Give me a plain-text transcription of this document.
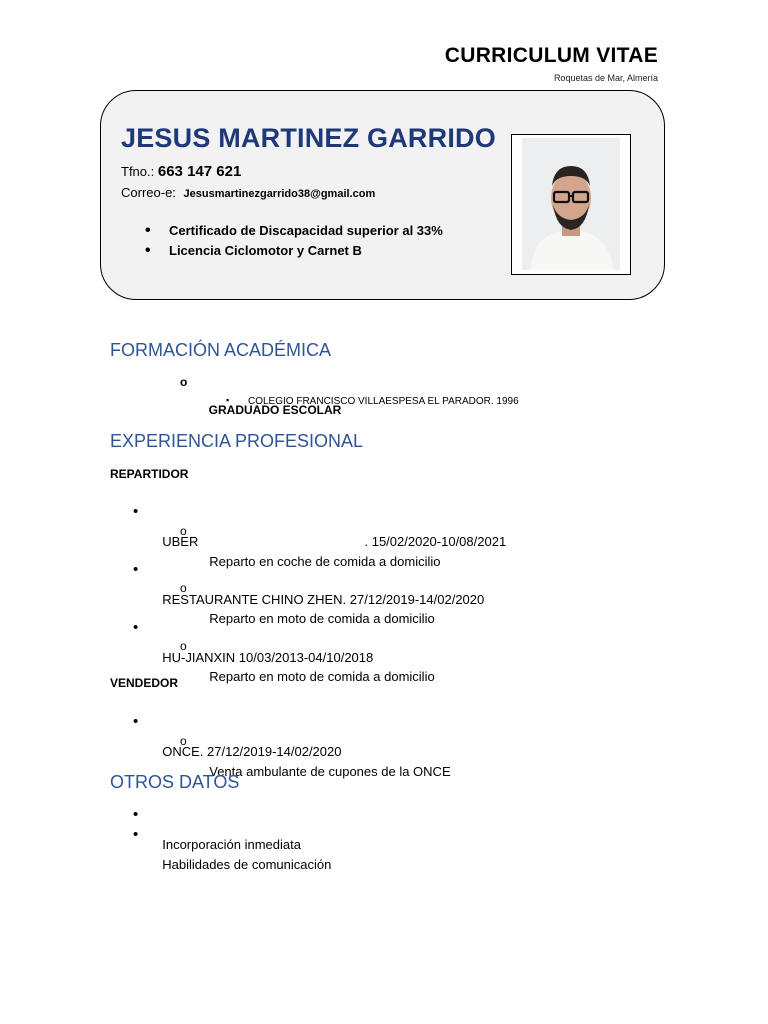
CURRICULUM VITAE
Roquetas de Mar, Almería
JESUS MARTINEZ GARRIDO
Tfno.: 663 147 621
Correo-e: Jesusmartinezgarrido38@gmail.com
• Certificado de Discapacidad superior al 33%
• Licencia Ciclomotor y Carnet B
FORMACIÓN ACADÉMICA

o

GRADUADO ESCOLAR

▪ COLEGIO FRANCISCO VILLAESPESA EL PARADOR. 1996
EXPERIENCIA PROFESIONAL
REPARTIDOR

•

UBER                                              . 15/02/2020-10/08/2021

o

Reparto en coche de comida a domicilio

•

RESTAURANTE CHINO ZHEN. 27/12/2019-14/02/2020

o

Reparto en moto de comida a domicilio

•

HU-JIANXIN 10/03/2013-04/10/2018

o

Reparto en moto de comida a domicilio

VENDEDOR

•

ONCE. 27/12/2019-14/02/2020

o

Venta ambulante de cupones de la ONCE

OTROS DATOS

•

Incorporación inmediata

•

Habilidades de comunicación
